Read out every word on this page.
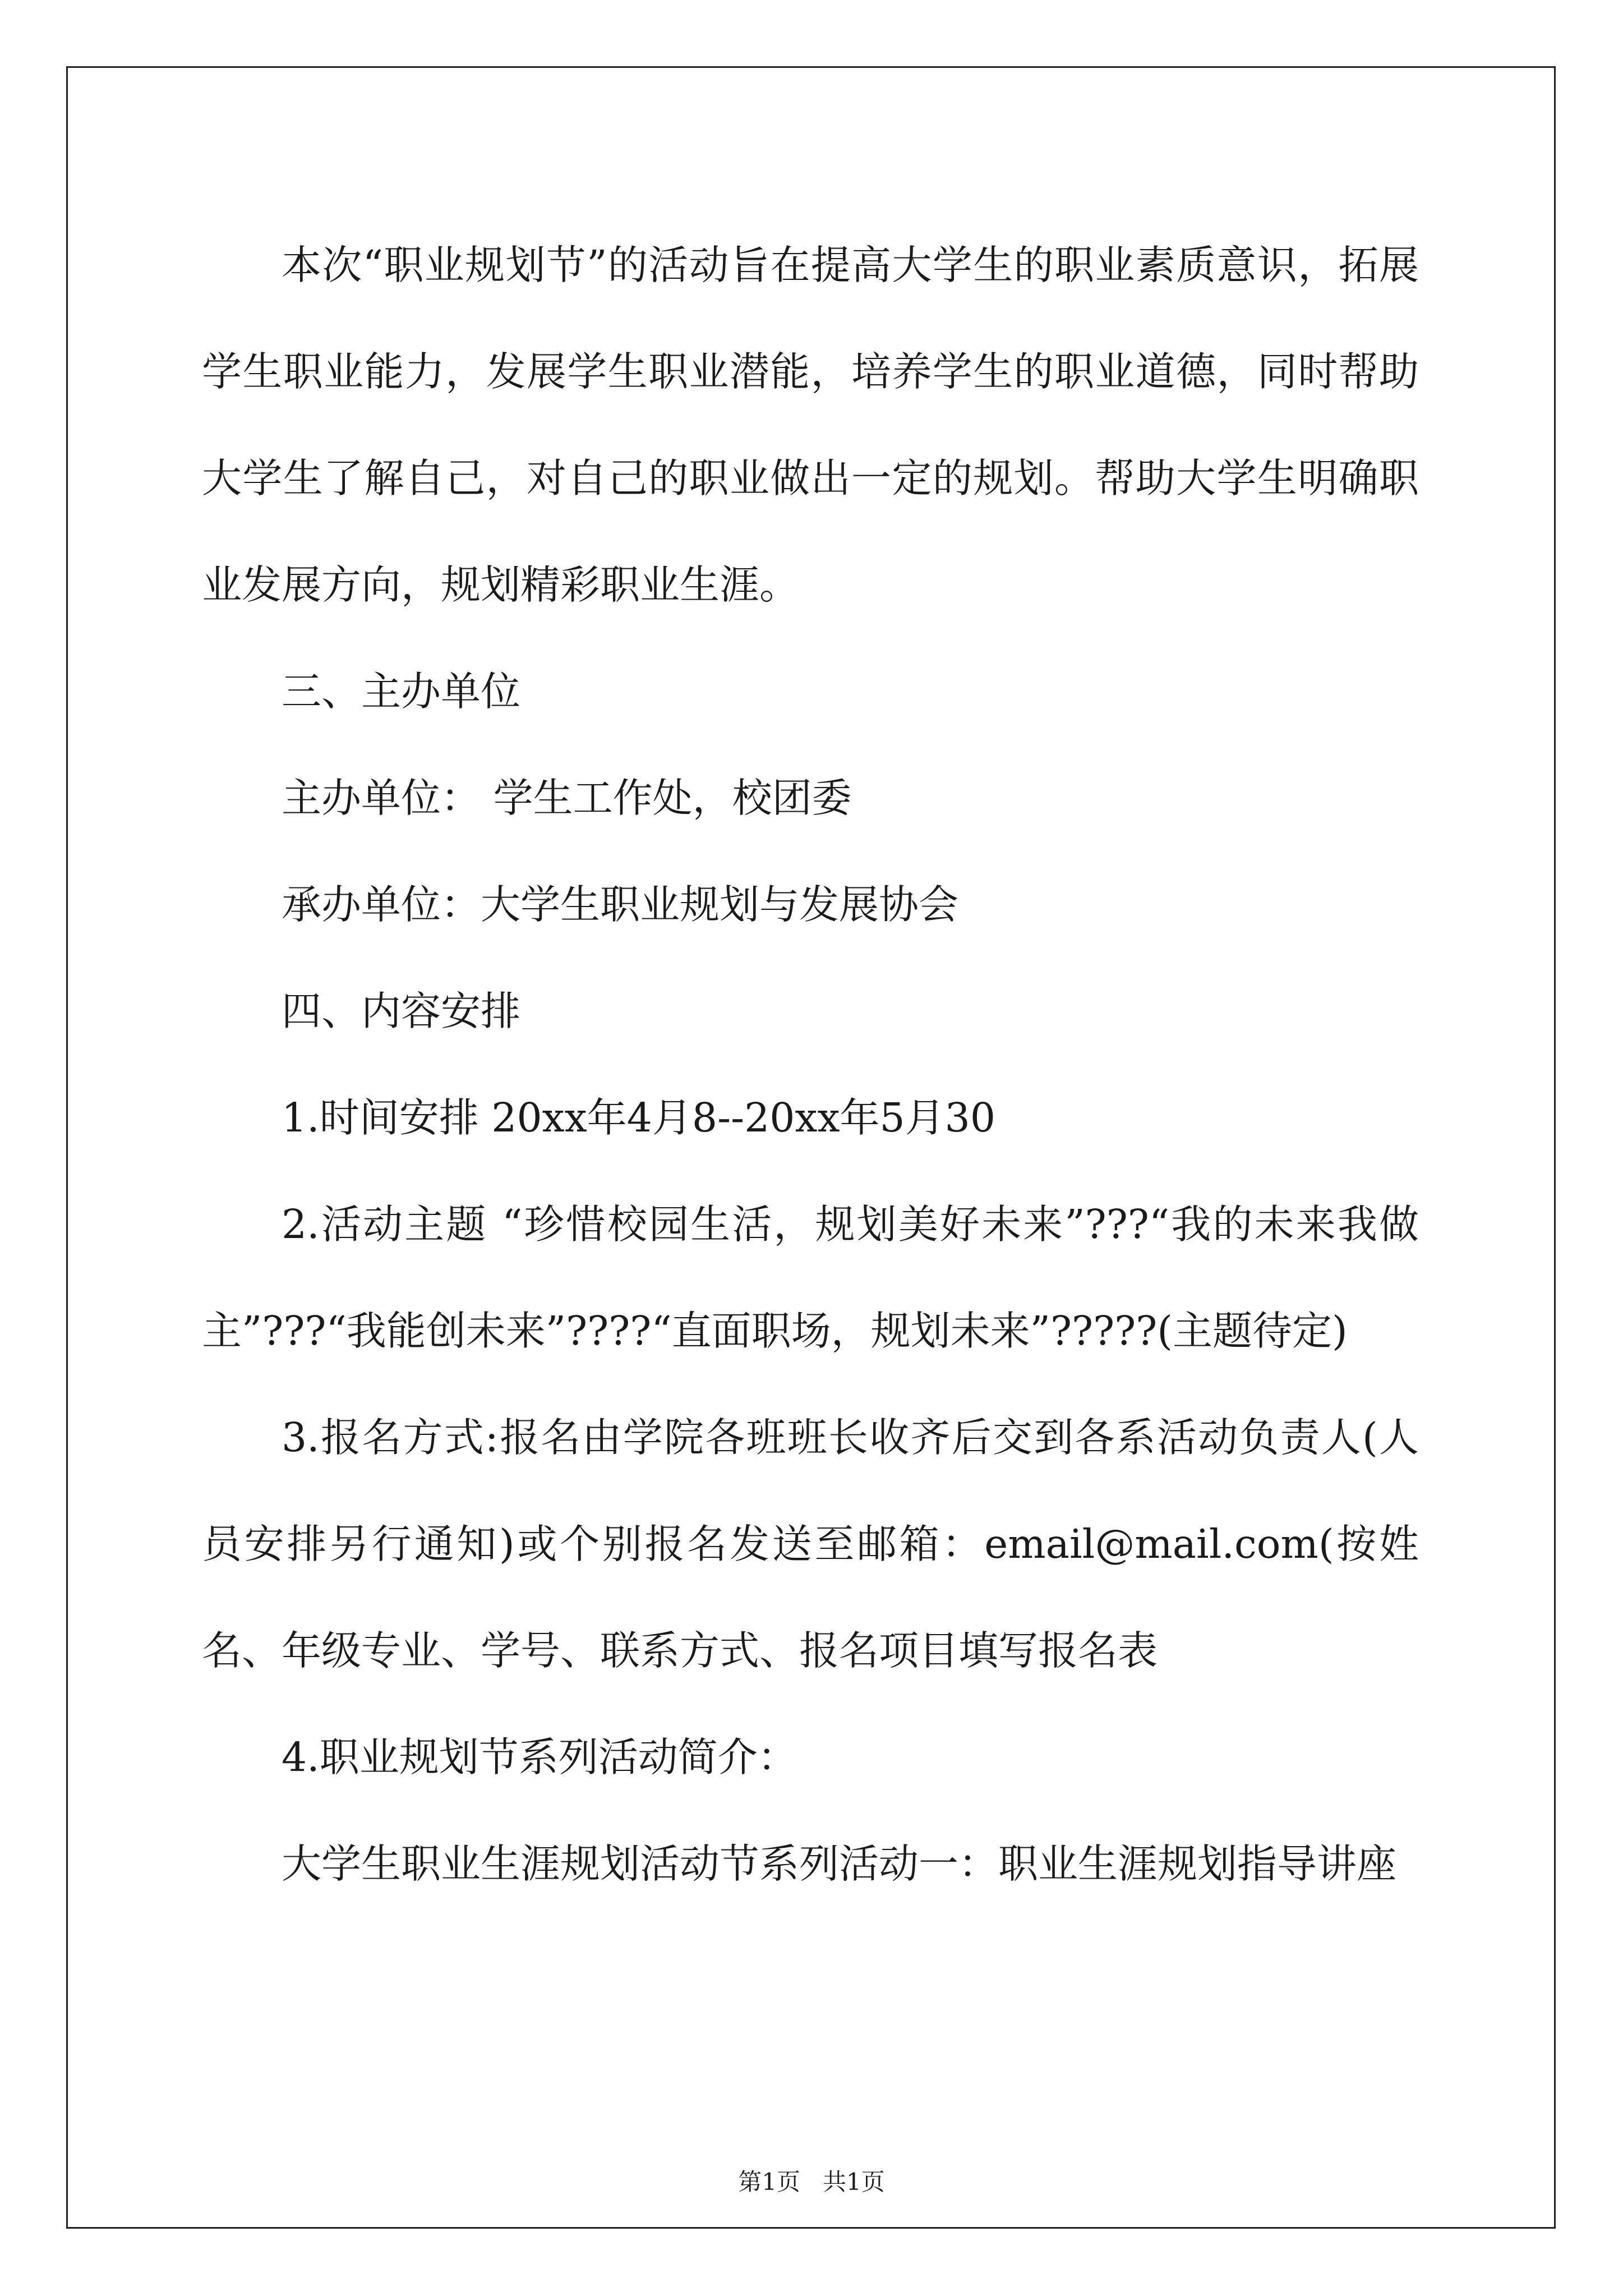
本次“职业规划节”的活动旨在提高大学生的职业素质意识，拓展学生职业能力，发展学生职业潜能，培养学生的职业道德，同时帮助大学生了解自己，对自己的职业做出一定的规划。帮助大学生明确职业发展方向，规划精彩职业生涯。

三、主办单位

主办单位： 学生工作处，校团委

承办单位：大学生职业规划与发展协会

四、内容安排

1.时间安排 20xx年4月8--20xx年5月30

2.活动主题 “珍惜校园生活，规划美好未来”???“我的未来我做主”???“我能创未来”????“直面职场，规划未来”?????(主题待定)

3.报名方式:报名由学院各班班长收齐后交到各系活动负责人(人员安排另行通知)或个别报名发送至邮箱：email@mail.com(按姓名、年级专业、学号、联系方式、报名项目填写报名表

4.职业规划节系列活动简介：

大学生职业生涯规划活动节系列活动一：职业生涯规划指导讲座

第1页 共1页
